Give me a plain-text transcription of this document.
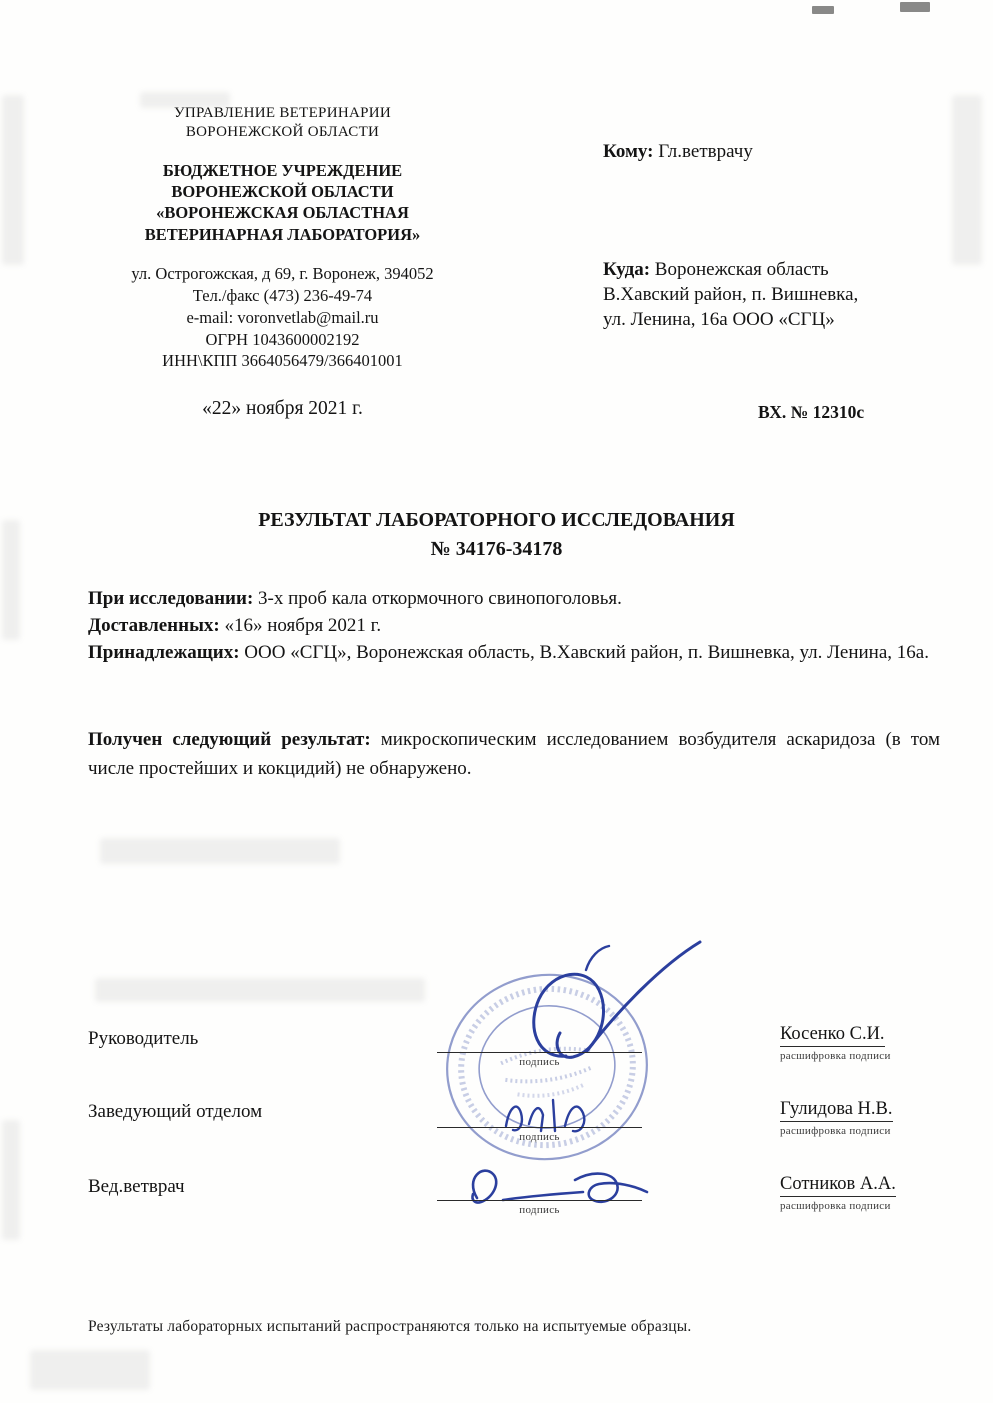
УПРАВЛЕНИЕ ВЕТЕРИНАРИИ
ВОРОНЕЖСКОЙ ОБЛАСТИ
БЮДЖЕТНОЕ УЧРЕЖДЕНИЕ
ВОРОНЕЖСКОЙ ОБЛАСТИ
«ВОРОНЕЖСКАЯ ОБЛАСТНАЯ
ВЕТЕРИНАРНАЯ ЛАБОРАТОРИЯ»
ул. Острогожская, д 69, г. Воронеж, 394052
Тел./факс (473) 236-49-74
e-mail: voronvetlab@mail.ru
ОГРН 1043600002192
ИНН\КПП 3664056479/366401001
Кому: Гл.ветврачу
Куда: Воронежская область
В.Хавский район, п. Вишневка,
ул. Ленина, 16а ООО «СГЦ»
«22» ноября 2021 г.	ВХ. № 12310с
РЕЗУЛЬТАТ ЛАБОРАТОРНОГО ИССЛЕДОВАНИЯ
№ 34176-34178
При исследовании: 3-х проб кала откормочного свинопоголовья.
Доставленных: «16» ноября 2021 г.
Принадлежащих: ООО «СГЦ», Воронежская область, В.Хавский район, п. Вишневка, ул. Ленина, 16а.
Получен следующий результат: микроскопическим исследованием возбудителя аскаридоза (в том числе простейших и кокцидий) не обнаружено.
Руководитель
подпись
Косенко С.И.
расшифровка подписи
Заведующий отделом
подпись
Гулидова Н.В.
расшифровка подписи
Вед.ветврач
подпись
Сотников А.А.
расшифровка подписи
Результаты лабораторных испытаний распространяются только на испытуемые образцы.
